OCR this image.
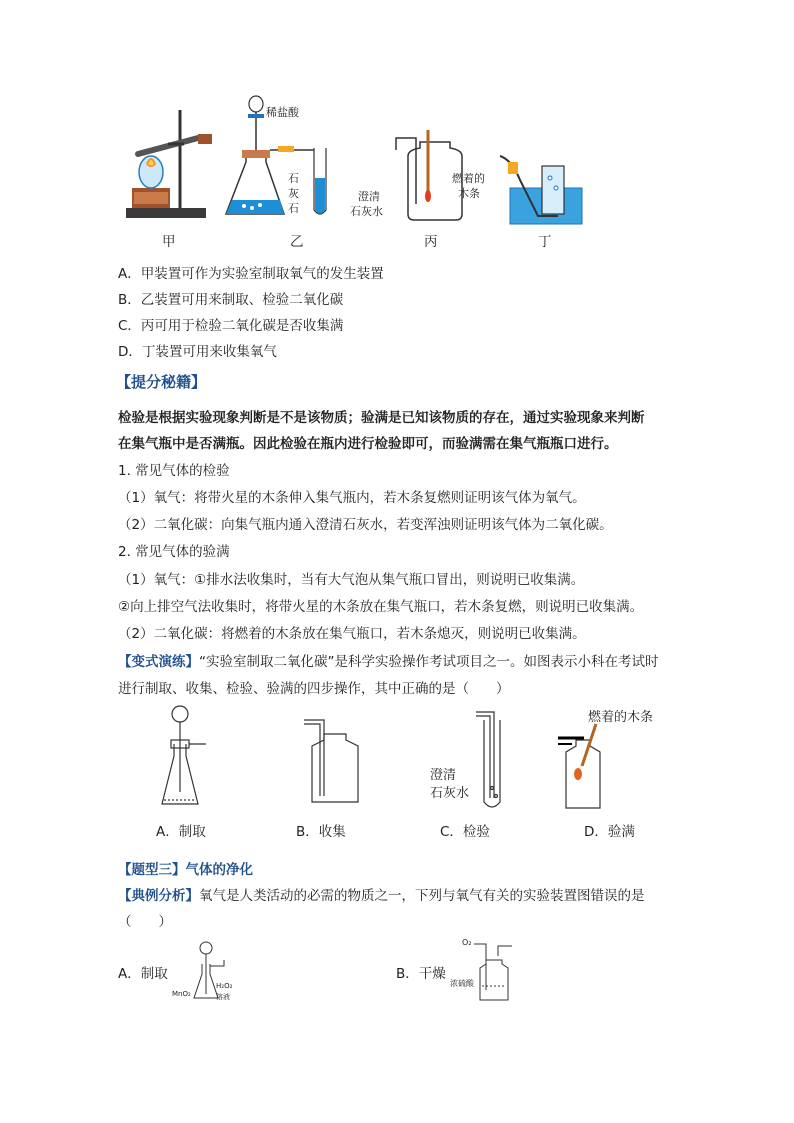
稀盐酸
石
灰
石
澄清
石灰水
燃着的
木条
甲	乙	丙	丁
A．甲装置可作为实验室制取氧气的发生装置
B．乙装置可用来制取、检验二氧化碳
C．丙可用于检验二氧化碳是否收集满
D．丁装置可用来收集氧气
【提分秘籍】
检验是根据实验现象判断是不是该物质；验满是已知该物质的存在，通过实验现象来判断
在集气瓶中是否满瓶。因此检验在瓶内进行检验即可，而验满需在集气瓶瓶口进行。
1. 常见气体的检验
（1）氧气：将带火星的木条伸入集气瓶内，若木条复燃则证明该气体为氧气。
（2）二氧化碳：向集气瓶内通入澄清石灰水，若变浑浊则证明该气体为二氧化碳。
2. 常见气体的验满
（1）氧气：①排水法收集时，当有大气泡从集气瓶口冒出，则说明已收集满。
②向上排空气法收集时，将带火星的木条放在集气瓶口，若木条复燃，则说明已收集满。
（2）二氧化碳：将燃着的木条放在集气瓶口，若木条熄灭，则说明已收集满。
【变式演练】“实验室制取二氧化碳”是科学实验操作考试项目之一。如图表示小科在考试时
进行制取、收集、检验、验满的四步操作，其中正确的是（　　）
燃着的木条
澄清
石灰水
A．制取	B．收集	C．检验	D．验满
【题型三】气体的净化
【典例分析】氧气是人类活动的必需的物质之一，下列与氧气有关的实验装置图错误的是
（　　）
A．制取	B．干燥
MnO₂
H₂O₂
溶液
O₂
浓硫酸
